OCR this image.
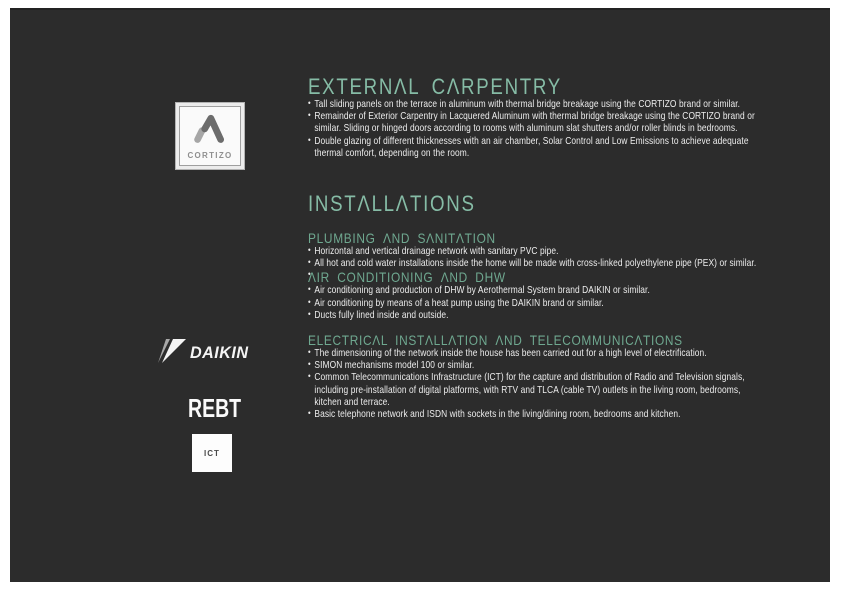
CORTIZO
DAIKIN
REBT
ICT
EXTERNΛL CΛRPENTRY
• Tall sliding panels on the terrace in aluminum with thermal bridge breakage using the CORTIZO brand or similar.
• Remainder of Exterior Carpentry in Lacquered Aluminum with thermal bridge breakage using the CORTIZO brand or similar. Sliding or hinged doors according to rooms with aluminum slat shutters and/or roller blinds in bedrooms.
• Double glazing of different thicknesses with an air chamber, Solar Control and Low Emissions to achieve adequate thermal comfort, depending on the room.
INSTΛLLΛTIONS
PLUMBING ΛND SΛNITΛTION
• Horizontal and vertical drainage network with sanitary PVC pipe.
• All hot and cold water installations inside the home will be made with cross-linked polyethylene pipe (PEX) or similar.
ΛIR CONDITIONING ΛND DHW
• Air conditioning and production of DHW by Aerothermal System brand DAIKIN or similar.
• Air conditioning by means of a heat pump using the DAIKIN brand or similar.
• Ducts fully lined inside and outside.
ELECTRICΛL INSTΛLLΛTION ΛND TELECOMMUNICΛTIONS
• The dimensioning of the network inside the house has been carried out for a high level of electrification.
• SIMON mechanisms model 100 or similar.
• Common Telecommunications Infrastructure (ICT) for the capture and distribution of Radio and Television signals, including pre-installation of digital platforms, with RTV and TLCA (cable TV) outlets in the living room, bedrooms, kitchen and terrace.
• Basic telephone network and ISDN with sockets in the living/dining room, bedrooms and kitchen.
